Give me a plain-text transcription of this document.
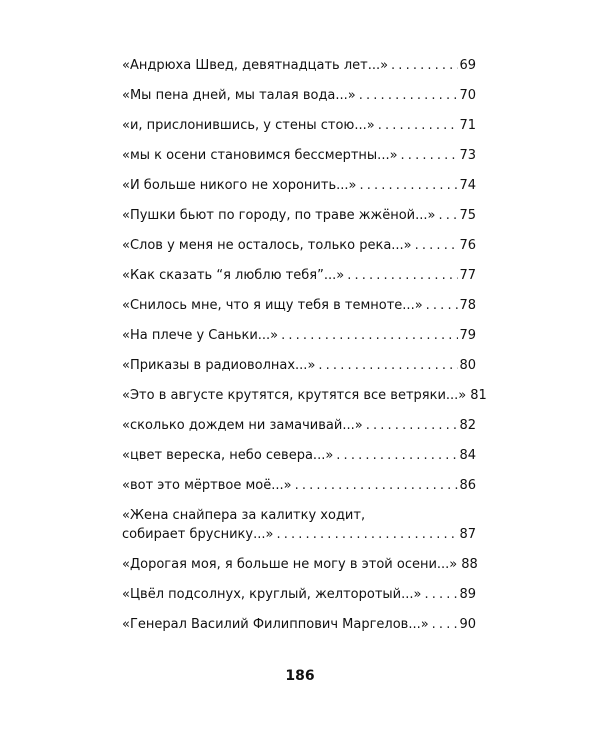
«Андрюха Швед, девятнадцать лет...» . . .	69
«Мы пена дней, мы талая вода...» . . .	70
«и, прислонившись, у стены стою...» . . .	71
«мы к осени становимся бессмертны...» . . .	73
«И больше никого не хоронить...» . . .	74
«Пушки бьют по городу, по траве жжёной...» . . . 75
«Слов у меня не осталось, только река...» . . .	76
«Как сказать “я люблю тебя”...» . . .	77
«Снилось мне, что я ищу тебя в темноте...» . . .	78
«На плече у Саньки...» . . .	79
«Приказы в радиоволнах...» . . .	80
«Это в августе крутятся, крутятся все ветряки...» 81
«сколько дождем ни замачивай...» . . .	82
«цвет вереска, небо севера...» . . .	84
«вот это мёртвое моё...» . . .	86
«Жена снайпера за калитку ходит,
собирает бруснику...» . . .	87
«Дорогая моя, я больше не могу в этой осени...» 88
«Цвёл подсолнух, круглый, желторотый...» . . .	89
«Генерал Василий Филиппович Маргелов...» . . . 90
186
